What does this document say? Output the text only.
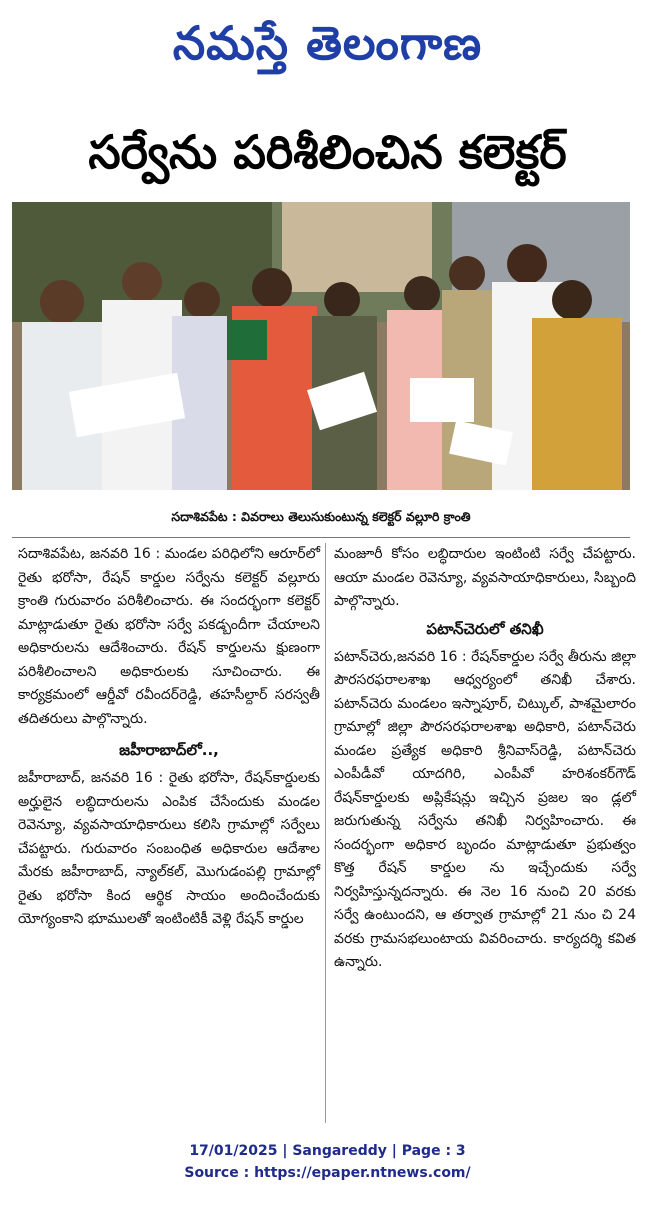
నమస్తే తెలంగాణ
సర్వేను పరిశీలించిన కలెక్టర్
సదాశివపేట : వివరాలు తెలుసుకుంటున్న కలెక్టర్ వల్లూరి క్రాంతి

సదాశివపేట, జనవరి 16 : మండల పరిధిలోని ఆరూర్‌లో రైతు భరోసా, రేషన్ కార్డుల సర్వేను కలెక్టర్ వల్లూరు క్రాంతి గురువారం పరిశీలించారు. ఈ సందర్భంగా కలెక్టర్ మాట్లాడుతూ రైతు భరోసా సర్వే పకడ్బందీగా చేయాలని అధికారులను ఆదేశించారు. రేషన్ కార్డులను క్షుణంగా పరిశీలించాలని అధికారులకు సూచించారు. ఈ కార్యక్రమంలో ఆర్డీవో రవీందర్‌రెడ్డి, తహసీల్దార్ సరస్వతీ తదితరులు పాల్గొన్నారు.

జహీరాబాద్‌లో..,

జహీరాబాద్, జనవరి 16 : రైతు భరోసా, రేషన్‌కార్డులకు అర్హులైన లబ్ధిదారులను ఎంపిక చేసేందుకు మండల రెవెన్యూ, వ్యవసాయాధికారులు కలిసి గ్రామాల్లో సర్వేలు చేపట్టారు. గురువారం సంబంధిత అధికారుల ఆదేశాల మేరకు జహీరాబాద్, న్యాల్‌కల్, మొగుడంపల్లి గ్రామాల్లో రైతు భరోసా కింద ఆర్థిక సాయం అందించేందుకు యోగ్యంకాని భూములతో ఇంటింటికీ వెళ్లి రేషన్ కార్డుల

మంజూరీ కోసం లబ్ధిదారుల ఇంటింటి సర్వే చేపట్టారు. ఆయా మండల రెవెన్యూ, వ్యవసాయాధికారులు, సిబ్బంది పాల్గొన్నారు.

పటాన్‌చెరులో తనిఖీ

పటాన్‌చెరు,జనవరి 16 : రేషన్‌కార్డుల సర్వే తీరును జిల్లా పౌరసరఫరాలశాఖ ఆధ్వర్యంలో తనిఖీ చేశారు. పటాన్‌చెరు మండలం ఇస్నాపూర్, చిట్కుల్, పాశమైలారం గ్రామాల్లో జిల్లా పౌరసరఫరాలశాఖ అధికారి, పటాన్‌చెరు మండల ప్రత్యేక అధికారి శ్రీనివాస్‌రెడ్డి, పటాన్‌చెరు ఎంపీడీవో యాదగిరి, ఎంపీవో హరిశంకర్‌గౌడ్ రేషన్‌కార్డులకు అప్లికేషన్లు ఇచ్చిన ప్రజల ఇం డ్లలో జరుగుతున్న సర్వేను తనిఖీ నిర్వహించారు. ఈ సందర్భంగా అధికార బృందం మాట్లాడుతూ ప్రభుత్వం కొత్త రేషన్ కార్డుల ను ఇచ్చేందుకు సర్వే నిర్వహిస్తున్నదన్నారు. ఈ నెల 16 నుంచి 20 వరకు సర్వే ఉంటుందని, ఆ తర్వాత గ్రామాల్లో 21 నుం చి 24 వరకు గ్రామసభలుంటాయ వివరించారు. కార్యదర్శి కవిత ఉన్నారు.

17/01/2025 | Sangareddy | Page : 3
Source : https://epaper.ntnews.com/
